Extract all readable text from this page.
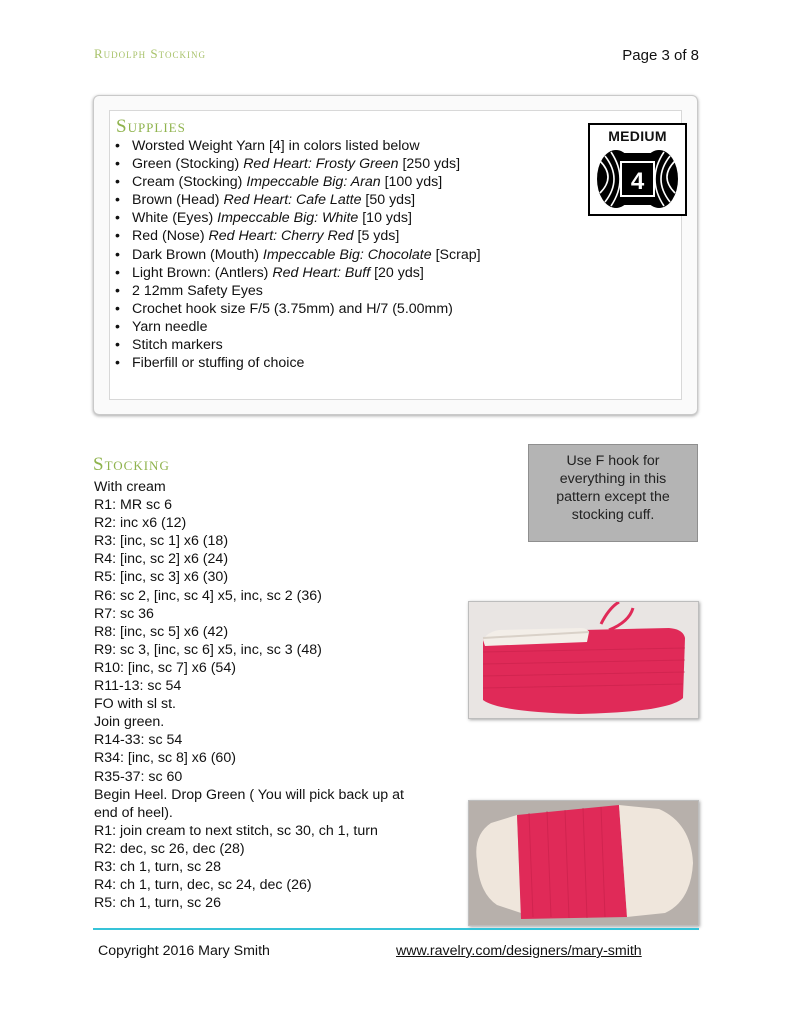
Rudolph Stocking	Page 3 of 8
Supplies
• Worsted Weight Yarn [4] in colors listed below
• Green (Stocking) Red Heart: Frosty Green [250 yds]
• Cream (Stocking) Impeccable Big: Aran [100 yds]
• Brown (Head) Red Heart: Cafe Latte [50 yds]
• White (Eyes) Impeccable Big: White [10 yds]
• Red (Nose) Red Heart: Cherry Red [5 yds]
• Dark Brown (Mouth) Impeccable Big: Chocolate [Scrap]
• Light Brown: (Antlers) Red Heart: Buff [20 yds]
• 2 12mm Safety Eyes
• Crochet hook size F/5 (3.75mm) and H/7 (5.00mm)
• Yarn needle
• Stitch markers
• Fiberfill or stuffing of choice
MEDIUM
4
Stocking
With cream
R1: MR sc 6
R2: inc x6 (12)
R3: [inc, sc 1] x6 (18)
R4: [inc, sc 2] x6 (24)
R5: [inc, sc 3] x6 (30)
R6: sc 2, [inc, sc 4] x5, inc, sc 2 (36)
R7: sc 36
R8: [inc, sc 5] x6 (42)
R9: sc 3, [inc, sc 6] x5, inc, sc 3 (48)
R10: [inc, sc 7] x6 (54)
R11-13: sc 54
FO with sl st.
Join green.
R14-33: sc 54
R34: [inc, sc 8] x6 (60)
R35-37: sc 60
Begin Heel. Drop Green ( You will pick back up at
end of heel).
R1: join cream to next stitch, sc 30, ch 1, turn
R2: dec, sc 26, dec (28)
R3: ch 1, turn, sc 28
R4: ch 1, turn, dec, sc 24, dec (26)
R5: ch 1, turn, sc 26
Use F hook for everything in this pattern except the stocking cuff.
Copyright 2016 Mary Smith	www.ravelry.com/designers/mary-smith
